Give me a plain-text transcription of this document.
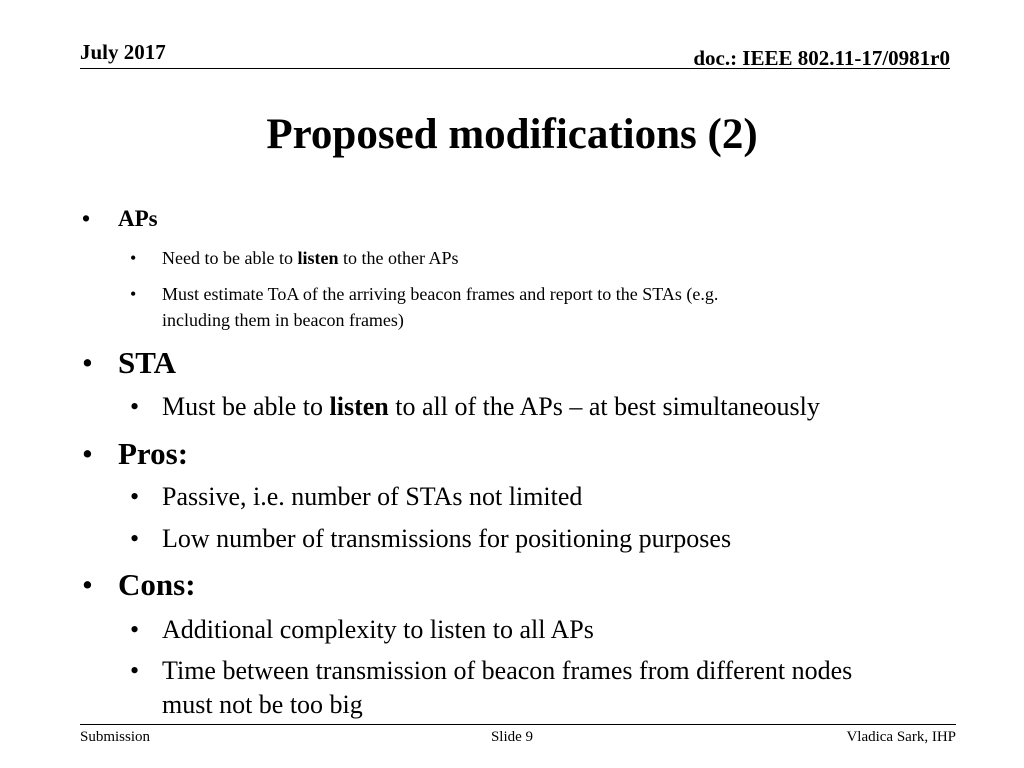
July 2017	doc.: IEEE 802.11-17/0981r0
Proposed modifications (2)
• APs
• Need to be able to listen to the other APs
• Must estimate ToA of the arriving beacon frames and report to the STAs (e.g.
including them in beacon frames)
• STA
• Must be able to listen to all of the APs – at best simultaneously
• Pros:
• Passive, i.e. number of STAs not limited
• Low number of transmissions for positioning purposes
• Cons:
• Additional complexity to listen to all APs
• Time between transmission of beacon frames from different nodes
must not be too big
Submission	Slide 9	Vladica Sark, IHP
